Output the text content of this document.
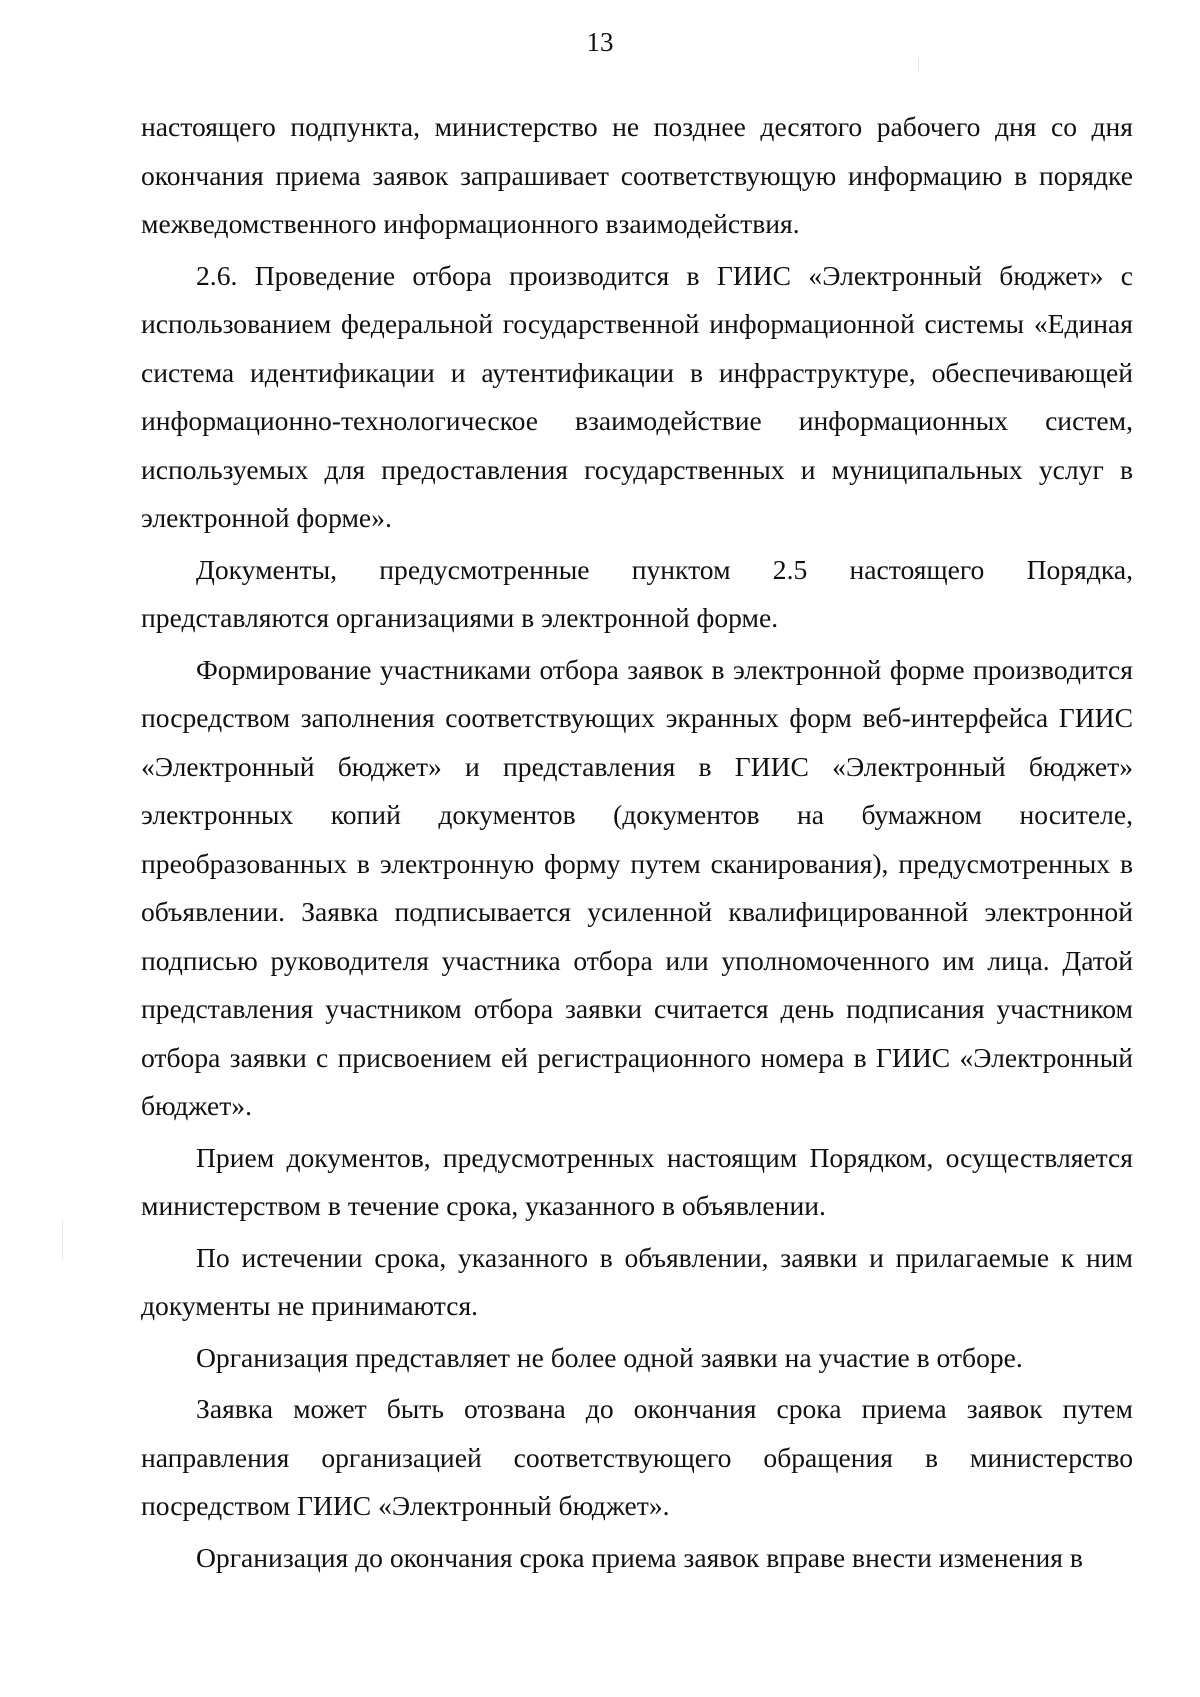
13

настоящего подпункта, министерство не позднее десятого рабочего дня со дня окончания приема заявок запрашивает соответствующую информацию в порядке межведомственного информационного взаимодействия.

2.6. Проведение отбора производится в ГИИС «Электронный бюджет» с использованием федеральной государственной информационной системы «Единая система идентификации и аутентификации в инфраструктуре, обеспечивающей информационно-технологическое взаимодействие информационных систем, используемых для предоставления государственных и муниципальных услуг в электронной форме».

Документы, предусмотренные пунктом 2.5 настоящего Порядка, представляются организациями в электронной форме.

Формирование участниками отбора заявок в электронной форме производится посредством заполнения соответствующих экранных форм веб-интерфейса ГИИС «Электронный бюджет» и представления в ГИИС «Электронный бюджет» электронных копий документов (документов на бумажном носителе, преобразованных в электронную форму путем сканирования), предусмотренных в объявлении. Заявка подписывается усиленной квалифицированной электронной подписью руководителя участника отбора или уполномоченного им лица. Датой представления участником отбора заявки считается день подписания участником отбора заявки с присвоением ей регистрационного номера в ГИИС «Электронный бюджет».

Прием документов, предусмотренных настоящим Порядком, осуществляется министерством в течение срока, указанного в объявлении.

По истечении срока, указанного в объявлении, заявки и прилагаемые к ним документы не принимаются.

Организация представляет не более одной заявки на участие в отборе.

Заявка может быть отозвана до окончания срока приема заявок путем направления организацией соответствующего обращения в министерство посредством ГИИС «Электронный бюджет».

Организация до окончания срока приема заявок вправе внести изменения в
